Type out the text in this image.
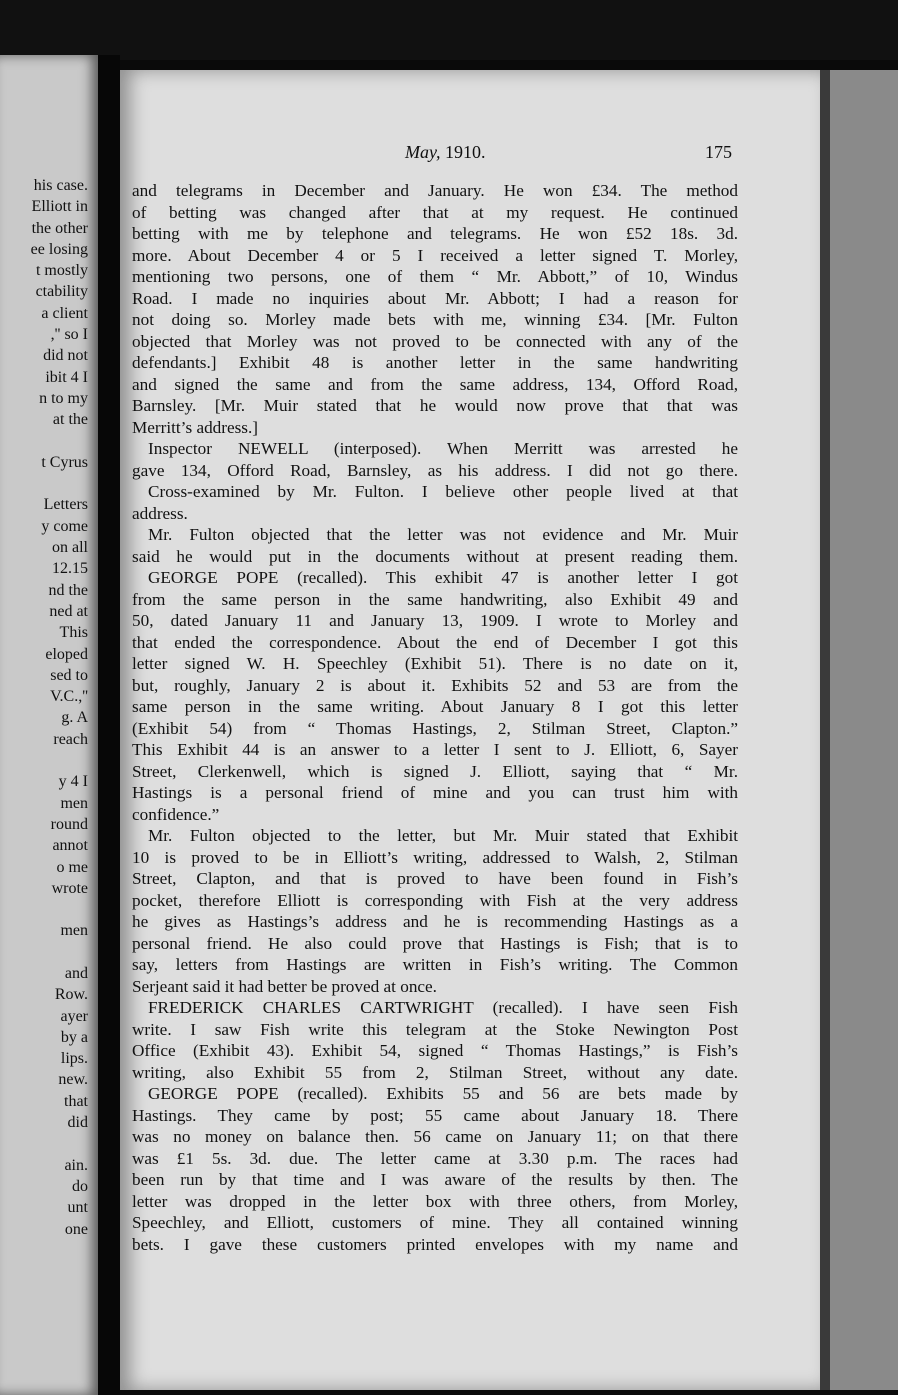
his case.
Elliott in
the other
ee losing
t mostly
ctability
a client
,'' so I
did not
ibit 4 I
n to my
at the

t Cyrus

Letters
y come
on all
12.15
nd the
ned at
This
eloped
sed to
V.C.,''
g. A
reach

y 4 I
men
round
annot
o me
wrote

men

and
Row.
ayer
by a
lips.
new.
that
did

ain.
do
unt
one
May, 1910.	175
and telegrams in December and January. He won £34. The method
of betting was changed after that at my request. He continued
betting with me by telephone and telegrams. He won £52 18s. 3d.
more. About December 4 or 5 I received a letter signed T. Morley,
mentioning two persons, one of them “ Mr. Abbott,” of 10, Windus
Road. I made no inquiries about Mr. Abbott; I had a reason for
not doing so. Morley made bets with me, winning £34. [Mr. Fulton
objected that Morley was not proved to be connected with any of the
defendants.] Exhibit 48 is another letter in the same handwriting
and signed the same and from the same address, 134, Offord Road,
Barnsley. [Mr. Muir stated that he would now prove that that was
Merritt’s address.]
Inspector NEWELL (interposed). When Merritt was arrested he
gave 134, Offord Road, Barnsley, as his address. I did not go there.
Cross-examined by Mr. Fulton. I believe other people lived at that
address.
Mr. Fulton objected that the letter was not evidence and Mr. Muir
said he would put in the documents without at present reading them.
GEORGE POPE (recalled). This exhibit 47 is another letter I got
from the same person in the same handwriting, also Exhibit 49 and
50, dated January 11 and January 13, 1909. I wrote to Morley and
that ended the correspondence. About the end of December I got this
letter signed W. H. Speechley (Exhibit 51). There is no date on it,
but, roughly, January 2 is about it. Exhibits 52 and 53 are from the
same person in the same writing. About January 8 I got this letter
(Exhibit 54) from “ Thomas Hastings, 2, Stilman Street, Clapton.”
This Exhibit 44 is an answer to a letter I sent to J. Elliott, 6, Sayer
Street, Clerkenwell, which is signed J. Elliott, saying that “ Mr.
Hastings is a personal friend of mine and you can trust him with
confidence.”
Mr. Fulton objected to the letter, but Mr. Muir stated that Exhibit
10 is proved to be in Elliott’s writing, addressed to Walsh, 2, Stilman
Street, Clapton, and that is proved to have been found in Fish’s
pocket, therefore Elliott is corresponding with Fish at the very address
he gives as Hastings’s address and he is recommending Hastings as a
personal friend. He also could prove that Hastings is Fish; that is to
say, letters from Hastings are written in Fish’s writing. The Common
Serjeant said it had better be proved at once.
FREDERICK CHARLES CARTWRIGHT (recalled). I have seen Fish
write. I saw Fish write this telegram at the Stoke Newington Post
Office (Exhibit 43). Exhibit 54, signed “ Thomas Hastings,” is Fish’s
writing, also Exhibit 55 from 2, Stilman Street, without any date.
GEORGE POPE (recalled). Exhibits 55 and 56 are bets made by
Hastings. They came by post; 55 came about January 18. There
was no money on balance then. 56 came on January 11; on that there
was £1 5s. 3d. due. The letter came at 3.30 p.m. The races had
been run by that time and I was aware of the results by then. The
letter was dropped in the letter box with three others, from Morley,
Speechley, and Elliott, customers of mine. They all contained winning
bets. I gave these customers printed envelopes with my name and
